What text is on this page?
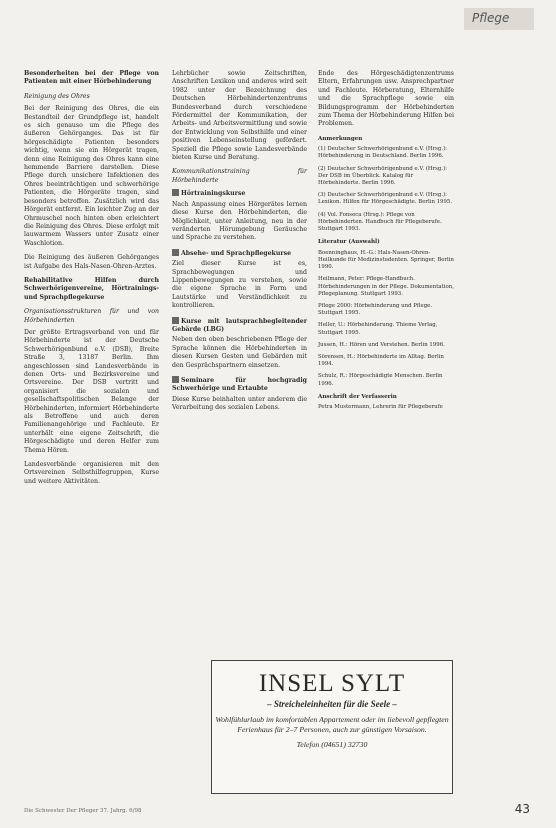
Pflege
Besonderheiten bei der Pflege von Patienten mit einer Hörbehinderung
Reinigung des Ohres

Bei der Reinigung des Ohres, die ein Bestandteil der Grundpflege ist, handelt es sich genauso um die Pflege des äußeren Gehörganges. Das ist für hörgeschädigte Patienten besonders wichtig, wenn sie ein Hörgerät tragen, denn eine Reinigung des Ohres kann eine hemmende Barriere darstellen. Diese Pflege durch unsichere Infektionen des Ohres beeinträchtigen und schwerhörige Patienten, die Hörgeräte tragen, sind besonders betroffen. Zusätzlich wird das Hörgerät entfernt. Ein leichter Zug an der Ohrmuschel noch hinten oben erleichtert die Reinigung des Ohres. Diese erfolgt mit lauwarmem Wassers unter Zusatz einer Waschlotion.

Die Reinigung des äußeren Gehörganges ist Aufgabe des Hals-Nasen-Ohren-Arztes.

Rehabilitative Hilfen durch Schwerhörigenvereine, Hörtrainings- und Sprachpflegekurse
Organisationsstrukturen für und von Hörbehinderten

Der größte Ertragsverband von und für Hörbehinderte ist der Deutsche Schwerhörigenbund e.V. (DSB), Breite Straße 3, 13187 Berlin. Ihm angeschlossen sind Landesverbände in denen Orts- und Bezirksvereine und Ortsvereine. Der DSB vertritt und organisiert die sozialen und gesellschaftspolitischen Belange der Hörbehinderten, informiert Hörbehinderte als Betroffene und auch deren Familienangehörige und Fachleute. Er unterhält eine eigene Zeitschrift, die Hörgeschädigte und deren Helfer zum Thema Hören.

Landesverbände organisieren mit den Ortsvereinen Selbsthilfegruppen, Kurse und weitere Aktivitäten.

Lehrbücher sowie Zeitschriften, Anschriften Lexikon und anderes wird seit 1982 unter der Bezeichnung des Deutschen Hörbehindertenzentrums Bundesverband durch verschiedene Fördermittel der Kommunikation, der Arbeits- und Arbeitsvermittlung und sowie der Entwicklung von Selbsthilfe und einer positiven Lebenseinstellung gefördert. Speziell die Pflege sowie Landesverbände bieten Kurse und Beratung.

Kommunikationstraining für Hörbehinderte
Hörtrainingskurse

Nach Anpassung eines Hörgerätes lernen diese Kurse den Hörbehinderten, die Möglichkeit, unter Anleitung, neu in der veränderten Hörumgebung Geräusche und Sprache zu verstehen.

Absehe- und Sprachpflegekurse

Ziel dieser Kurse ist es, Sprachbewegungen und Lippenbewegungen zu verstehen, sowie die eigene Sprache in Form und Lautstärke und Verständlichkeit zu kontrollieren.

Kurse mit lautsprachbegleitender Gebärde (LBG)

Neben den oben beschriebenen Pflege der Sprache können die Hörbehinderten in diesen Kursen Gesten und Gebärden mit den Gesprächspartnern einsetzen.

Seminare für hochgradig Schwerhörige und Ertaubte

Diese Kurse beinhalten unter anderem die Verarbeitung des sozialen Lebens.

Ende des Hörgeschädigtenzentrums Eltern, Erfahrungen usw. Ansprechpartner und Fachleute. Hörberatung, Elternhilfe und die Sprachpflege sowie ein Bildungsprogramm der Hörbehinderten zum Thema der Hörbehinderung Hilfen bei Problemen.

Anmerkungen
(1) Deutscher Schwerhörigenbund e.V. (Hrsg.): Hörbehinderung in Deutschland. Berlin 1996.
(2) Deutscher Schwerhörigenbund e.V. (Hrsg.): Der DSB im Überblick. Katalog für Hörbehinderte. Berlin 1996.
(3) Deutscher Schwerhörigenbund e.V. (Hrsg.): Lexikon. Hilfen für Hörgeschädigte. Berlin 1995.
(4) Vol. Fonseca (Hrsg.): Pflege von Hörbehinderten. Handbuch für Pflegeberufe. Stuttgart 1993.
Literatur (Auswahl)
Boenninghaus, H.-G.: Hals-Nasen-Ohren-Heilkunde für Medizinstudenten. Springer, Berlin 1990.
Heilmann, Peter: Pflege-Handbuch. Hörbehinderungen in der Pflege. Dokumentation, Pflegeplanung. Stuttgart 1993.
Pflege 2000: Hörbehinderung und Pflege. Stuttgart 1995.
Heller, U.: Hörbehinderung. Thieme Verlag, Stuttgart 1995.
Jussen, H.: Hören und Verstehen. Berlin 1996.
Sörensen, H.: Hörbehinderte im Alltag. Berlin 1994.
Schulz, R.: Hörgeschädigte Menschen. Berlin 1996.
Anschrift der Verfasserin
Petra Mustermann, Lehrerin für Pflegeberufe
INSEL SYLT
– Streicheleinheiten für die Seele –
Wohlfühlurlaub im komfortablen Appartement oder im liebevoll gepflegten Ferienhaus für 2–7 Personen, auch zur günstigen Vorsaison.
Telefon (04651) 32730
Die Schwester Der Pfleger 37. Jahrg. 6/98	43
